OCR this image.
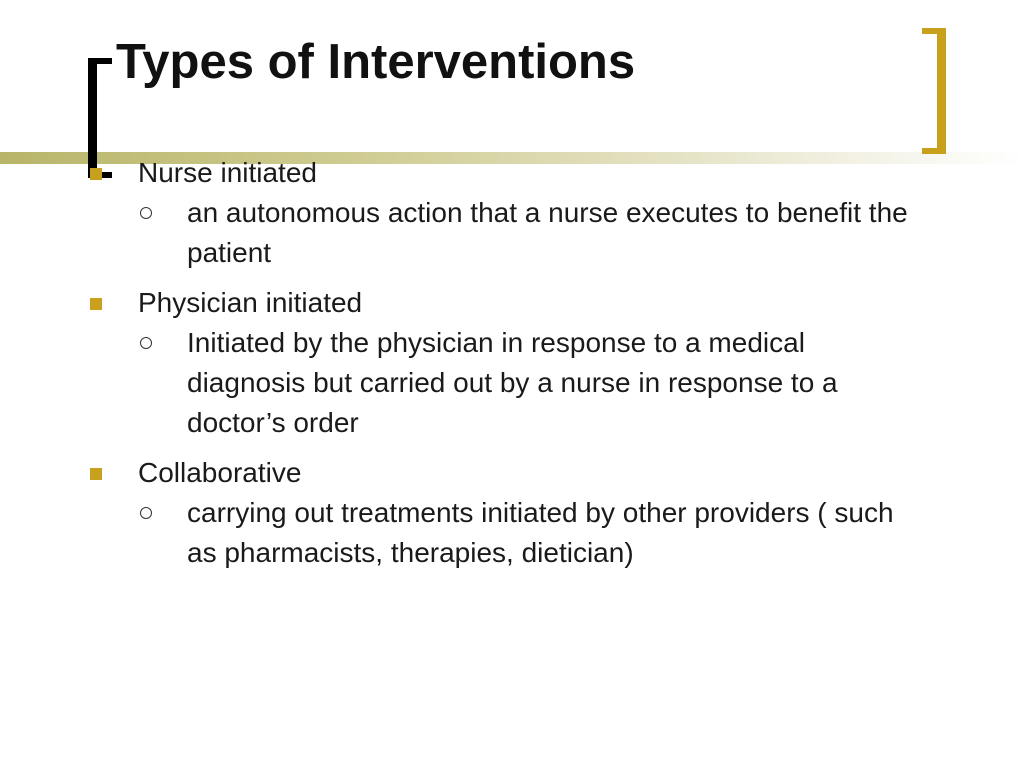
Types of Interventions
Nurse initiated
an autonomous action that a nurse executes to benefit the patient
Physician initiated
Initiated by the physician in response to a medical diagnosis but carried out by a nurse in response to a doctor’s order
Collaborative
carrying out treatments initiated by other providers ( such as pharmacists, therapies, dietician)
